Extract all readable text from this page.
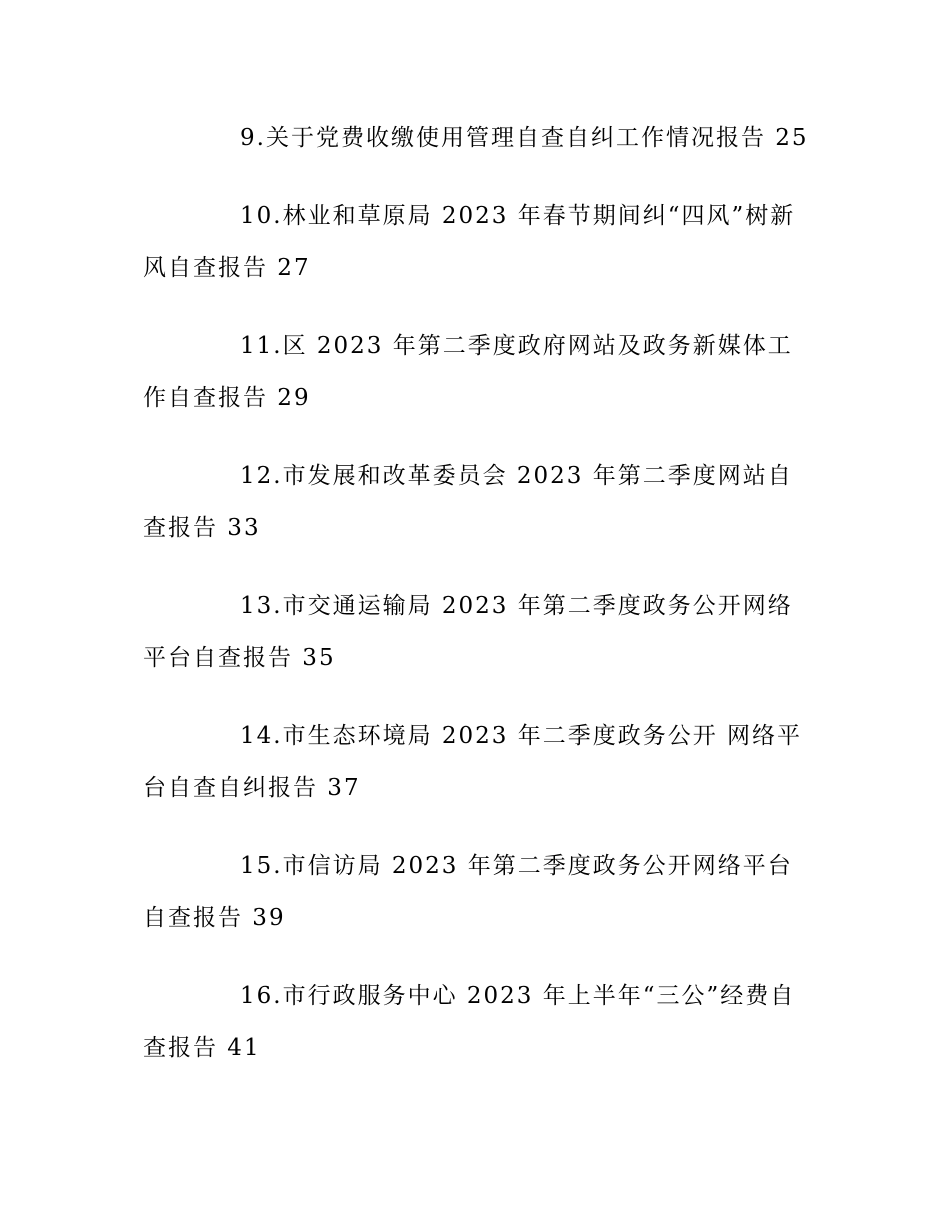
9.关于党费收缴使用管理自查自纠工作情况报告 25

10.林业和草原局 2023 年春节期间纠“四风”树新风自查报告 27

11.区 2023 年第二季度政府网站及政务新媒体工作自查报告 29

12.市发展和改革委员会 2023 年第二季度网站自查报告 33

13.市交通运输局 2023 年第二季度政务公开网络平台自查报告 35

14.市生态环境局 2023 年二季度政务公开 网络平台自查自纠报告 37

15.市信访局 2023 年第二季度政务公开网络平台自查报告 39

16.市行政服务中心 2023 年上半年“三公”经费自查报告 41
